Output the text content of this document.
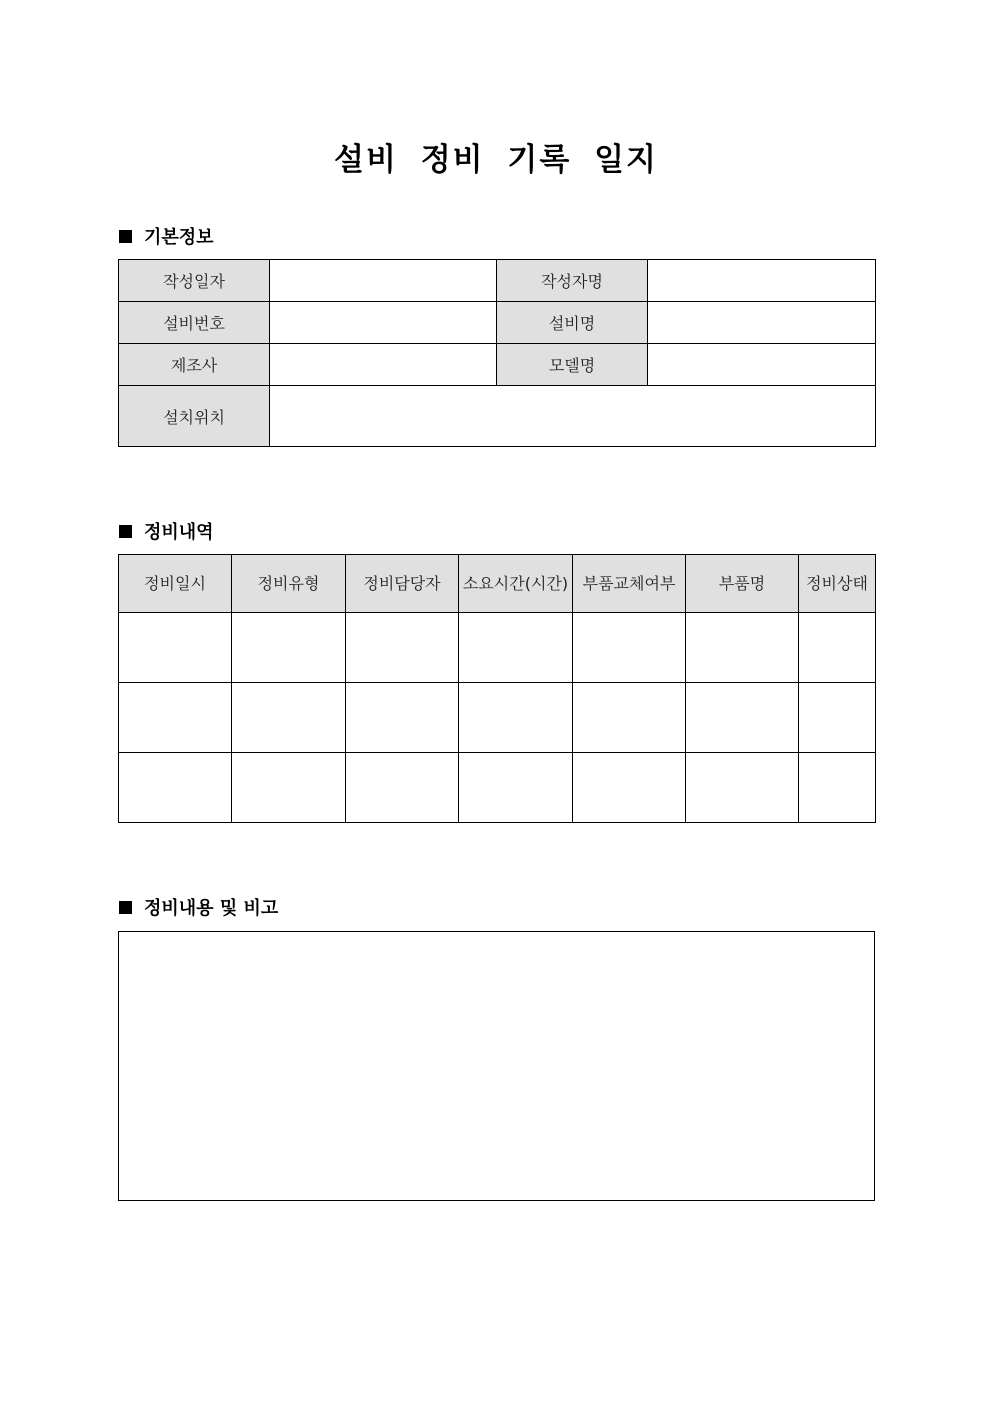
설비 정비 기록 일지
기본정보
작성일자		작성자명	
설비번호		설비명	
제조사		모델명	
설치위치			
정비내역
정비일시	정비유형	정비담당자	소요시간(시간)	부품교체여부	부품명	정비상태

정비내용 및 비고
